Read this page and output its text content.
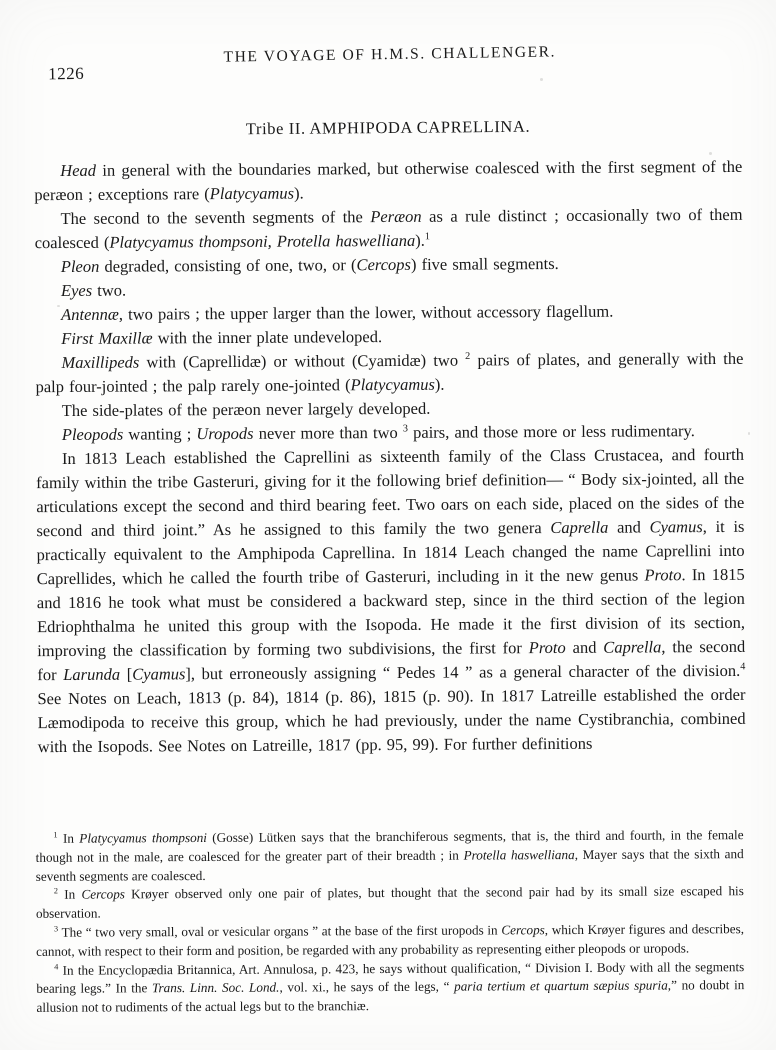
1226
THE VOYAGE OF H.M.S. CHALLENGER.
Tribe II. AMPHIPODA CAPRELLINA.

Head in general with the boundaries marked, but otherwise coalesced with the first segment of the peræon ; exceptions rare (Platycyamus).

The second to the seventh segments of the Peræon as a rule distinct ; occasionally two of them coalesced (Platycyamus thompsoni, Protella haswelliana).$^1$

Pleon degraded, consisting of one, two, or (Cercops) five small segments.

Eyes two.

Antennæ, two pairs ; the upper larger than the lower, without accessory flagellum.

First Maxillæ with the inner plate undeveloped.

Maxillipeds with (Caprellidæ) or without (Cyamidæ) two $^2$ pairs of plates, and generally with the palp four-jointed ; the palp rarely one-jointed (Platycyamus).

The side-plates of the peræon never largely developed.

Pleopods wanting ; Uropods never more than two $^3$ pairs, and those more or less rudimentary.

In 1813 Leach established the Caprellini as sixteenth family of the Class Crustacea, and fourth family within the tribe Gasteruri, giving for it the following brief definition— “ Body six-jointed, all the articulations except the second and third bearing feet. Two oars on each side, placed on the sides of the second and third joint.” As he assigned to this family the two genera Caprella and Cyamus, it is practically equivalent to the Amphipoda Caprellina. In 1814 Leach changed the name Caprellini into Caprellides, which he called the fourth tribe of Gasteruri, including in it the new genus Proto. In 1815 and 1816 he took what must be considered a backward step, since in the third section of the legion Edriophthalma he united this group with the Isopoda. He made it the first division of its section, improving the classification by forming two subdivisions, the first for Proto and Caprella, the second for Larunda [Cyamus], but erroneously assigning “ Pedes 14 ” as a general character of the division.$^4$ See Notes on Leach, 1813 (p. 84), 1814 (p. 86), 1815 (p. 90). In 1817 Latreille established the order Læmodipoda to receive this group, which he had previously, under the name Cystibranchia, combined with the Isopods. See Notes on Latreille, 1817 (pp. 95, 99). For further definitions

$^1$ In Platycyamus thompsoni (Gosse) Lütken says that the branchiferous segments, that is, the third and fourth, in the female though not in the male, are coalesced for the greater part of their breadth ; in Protella haswelliana, Mayer says that the sixth and seventh segments are coalesced.

$^2$ In Cercops Krøyer observed only one pair of plates, but thought that the second pair had by its small size escaped his observation.

$^3$ The “ two very small, oval or vesicular organs ” at the base of the first uropods in Cercops, which Krøyer figures and describes, cannot, with respect to their form and position, be regarded with any probability as representing either pleopods or uropods.

$^4$ In the Encyclopædia Britannica, Art. Annulosa, p. 423, he says without qualification, “ Division I. Body with all the segments bearing legs.” In the Trans. Linn. Soc. Lond., vol. xi., he says of the legs, “ paria tertium et quartum sæpius spuria,” no doubt in allusion not to rudiments of the actual legs but to the branchiæ.
